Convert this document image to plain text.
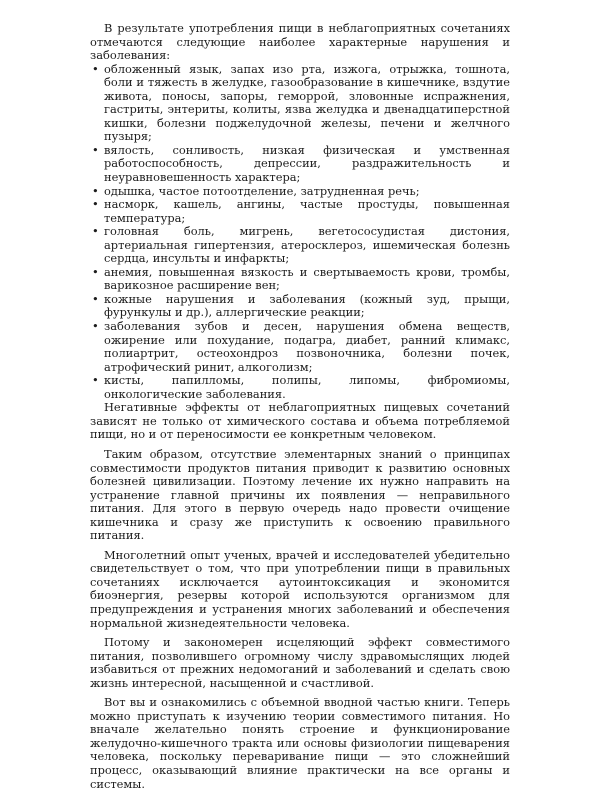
В результате употребления пищи в неблагоприятных сочетаниях отмечаются следующие наиболее характерные нарушения и заболевания:

• обложенный язык, запах изо рта, изжога, отрыжка, тошнота, боли и тяжесть в желудке, газообразование в кишечнике, вздутие живота, поносы, запоры, геморрой, зловонные испражнения, гастриты, энтериты, колиты, язва желудка и двенадцатиперстной кишки, болезни поджелудочной железы, печени и желчного пузыря;
• вялость, сонливость, низкая физическая и умственная работоспособность, депрессии, раздражительность и неуравновешенность характера;
• одышка, частое потоотделение, затрудненная речь;
• насморк, кашель, ангины, частые простуды, повышенная температура;
• головная боль, мигрень, вегетососудистая дистония, артериальная гипертензия, атеросклероз, ишемическая болезнь сердца, инсульты и инфаркты;
• анемия, повышенная вязкость и свертываемость крови, тромбы, варикозное расширение вен;
• кожные нарушения и заболевания (кожный зуд, прыщи, фурункулы и др.), аллергические реакции;
• заболевания зубов и десен, нарушения обмена веществ, ожирение или похудание, подагра, диабет, ранний климакс, полиартрит, остеохондроз позвоночника, болезни почек, атрофический ринит, алкоголизм;
• кисты, папилломы, полипы, липомы, фибромиомы, онкологические заболевания.

Негативные эффекты от неблагоприятных пищевых сочетаний зависят не только от химического состава и объема потребляемой пищи, но и от переносимости ее конкретным человеком.

Таким образом, отсутствие элементарных знаний о принципах совместимости продуктов питания приводит к развитию основных болезней цивилизации. Поэтому лечение их нужно направить на устранение главной причины их появления — неправильного питания. Для этого в первую очередь надо провести очищение кишечника и сразу же приступить к освоению правильного питания.

Многолетний опыт ученых, врачей и исследователей убедительно свидетельствует о том, что при употреблении пищи в правильных сочетаниях исключается аутоинтоксикация и экономится биоэнергия, резервы которой используются организмом для предупреждения и устранения многих заболеваний и обеспечения нормальной жизнедеятельности человека.

Потому и закономерен исцеляющий эффект совместимого питания, позволившего огромному числу здравомыслящих людей избавиться от прежних недомоганий и заболеваний и сделать свою жизнь интересной, насыщенной и счастливой.

Вот вы и ознакомились с объемной вводной частью книги. Теперь можно приступать к изучению теории совместимого питания. Но вначале желательно понять строение и функционирование желудочно-кишечного тракта или основы физиологии пищеварения человека, поскольку переваривание пищи — это сложнейший процесс, оказывающий влияние практически на все органы и системы.
